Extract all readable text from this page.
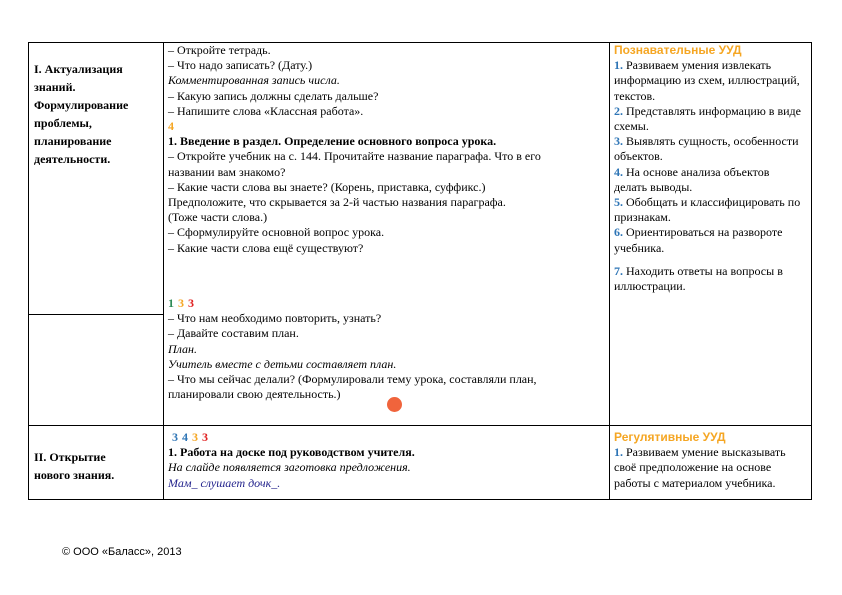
I. Актуализация
знаний.
Формулирование
проблемы,
планирование
деятельности.
II. Открытие
нового знания.
– Откройте тетрадь.
– Что надо записать? (Дату.)
Комментированная запись числа.
– Какую запись должны сделать дальше?
– Напишите слова «Классная работа».
4
1. Введение в раздел. Определение основного вопроса урока.
– Откройте учебник на с. 144. Прочитайте название параграфа. Что в его
названии вам знакомо?
– Какие части слова вы знаете? (Корень, приставка, суффикс.)
Предположите, что скрывается за 2-й частью названия параграфа.
(Тоже части слова.)
– Сформулируйте основной вопрос урока.
– Какие части слова ещё существуют?
1 3 3
– Что нам необходимо повторить, узнать?
– Давайте составим план.
План.
Учитель вместе с детьми составляет план.
– Что мы сейчас делали? (Формулировали тему урока, составляли план,
планировали свою деятельность.)
3 4 3 3
1. Работа на доске под руководством учителя.
На слайде появляется заготовка предложения.
Мам_ слушает дочк_.
Познавательные УУД
1. Развиваем умения извлекать
информацию из схем, иллюстраций,
текстов.
2. Представлять информацию в виде
схемы.
3. Выявлять сущность, особенности
объектов.
4. На основе анализа объектов
делать выводы.
5. Обобщать и классифицировать по
признакам.
6. Ориентироваться на развороте
учебника.
7. Находить ответы на вопросы в
иллюстрации.
Регулятивные УУД
1. Развиваем умение высказывать
своё предположение на основе
работы с материалом учебника.
© ООО «Баласс», 2013
